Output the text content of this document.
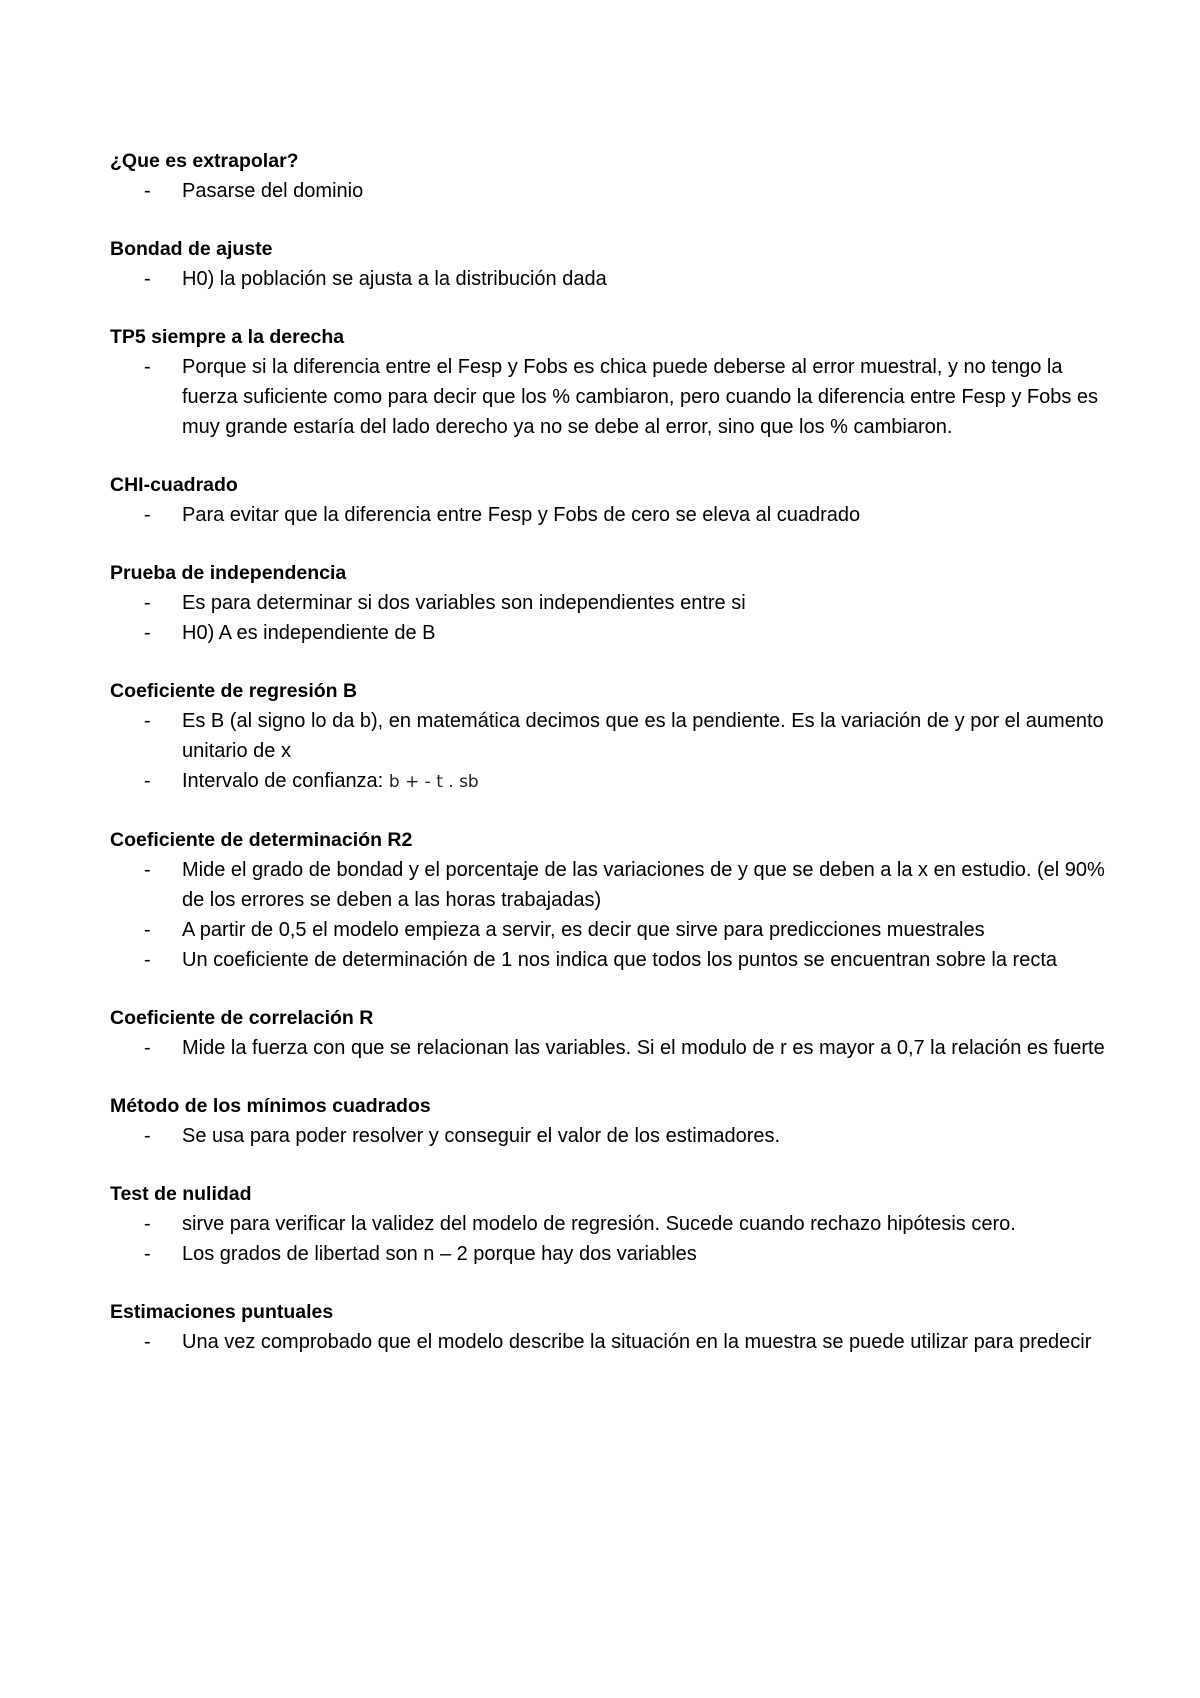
¿Que es extrapolar?

- Pasarse del dominio

Bondad de ajuste

- H0) la población se ajusta a la distribución dada

TP5 siempre a la derecha

- Porque si la diferencia entre el Fesp y Fobs es chica puede deberse al error muestral, y no tengo la fuerza suficiente como para decir que los % cambiaron, pero cuando la diferencia entre Fesp y Fobs es muy grande estaría del lado derecho ya no se debe al error, sino que los % cambiaron.

CHI-cuadrado

- Para evitar que la diferencia entre Fesp y Fobs de cero se eleva al cuadrado

Prueba de independencia

- Es para determinar si dos variables son independientes entre si
- H0) A es independiente de B

Coeficiente de regresión B

- Es B (al signo lo da b), en matemática decimos que es la pendiente. Es la variación de y por el aumento unitario de x
- Intervalo de confianza: b + - t . sb

Coeficiente de determinación R2

- Mide el grado de bondad y el porcentaje de las variaciones de y que se deben a la x en estudio. (el 90% de los errores se deben a las horas trabajadas)
- A partir de 0,5 el modelo empieza a servir, es decir que sirve para predicciones muestrales
- Un coeficiente de determinación de 1 nos indica que todos los puntos se encuentran sobre la recta

Coeficiente de correlación R

- Mide la fuerza con que se relacionan las variables. Si el modulo de r es mayor a 0,7 la relación es fuerte

Método de los mínimos cuadrados

- Se usa para poder resolver y conseguir el valor de los estimadores.

Test de nulidad

- sirve para verificar la validez del modelo de regresión. Sucede cuando rechazo hipótesis cero.
- Los grados de libertad son n – 2 porque hay dos variables

Estimaciones puntuales

- Una vez comprobado que el modelo describe la situación en la muestra se puede utilizar para predecir
